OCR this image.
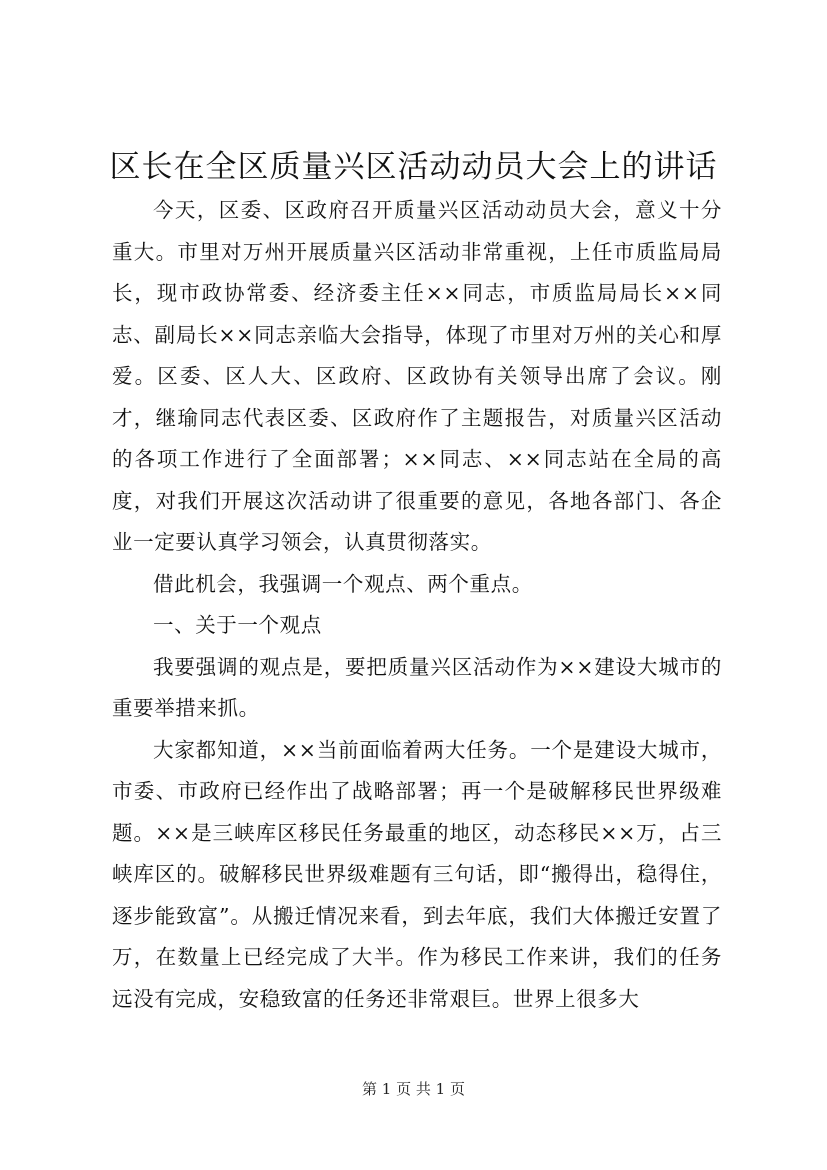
区长在全区质量兴区活动动员大会上的讲话

今天，区委、区政府召开质量兴区活动动员大会，意义十分重大。市里对万州开展质量兴区活动非常重视，上任市质监局局长，现市政协常委、经济委主任××同志，市质监局局长××同志、副局长××同志亲临大会指导，体现了市里对万州的关心和厚爱。区委、区人大、区政府、区政协有关领导出席了会议。刚才，继瑜同志代表区委、区政府作了主题报告，对质量兴区活动的各项工作进行了全面部署；××同志、××同志站在全局的高度，对我们开展这次活动讲了很重要的意见，各地各部门、各企业一定要认真学习领会，认真贯彻落实。

借此机会，我强调一个观点、两个重点。

一、关于一个观点

我要强调的观点是，要把质量兴区活动作为××建设大城市的重要举措来抓。

大家都知道，××当前面临着两大任务。一个是建设大城市，市委、市政府已经作出了战略部署；再一个是破解移民世界级难题。××是三峡库区移民任务最重的地区，动态移民××万，占三峡库区的。破解移民世界级难题有三句话，即“搬得出，稳得住，逐步能致富”。从搬迁情况来看，到去年底，我们大体搬迁安置了万，在数量上已经完成了大半。作为移民工作来讲，我们的任务远没有完成，安稳致富的任务还非常艰巨。世界上很多大

第 1 页 共 1 页
